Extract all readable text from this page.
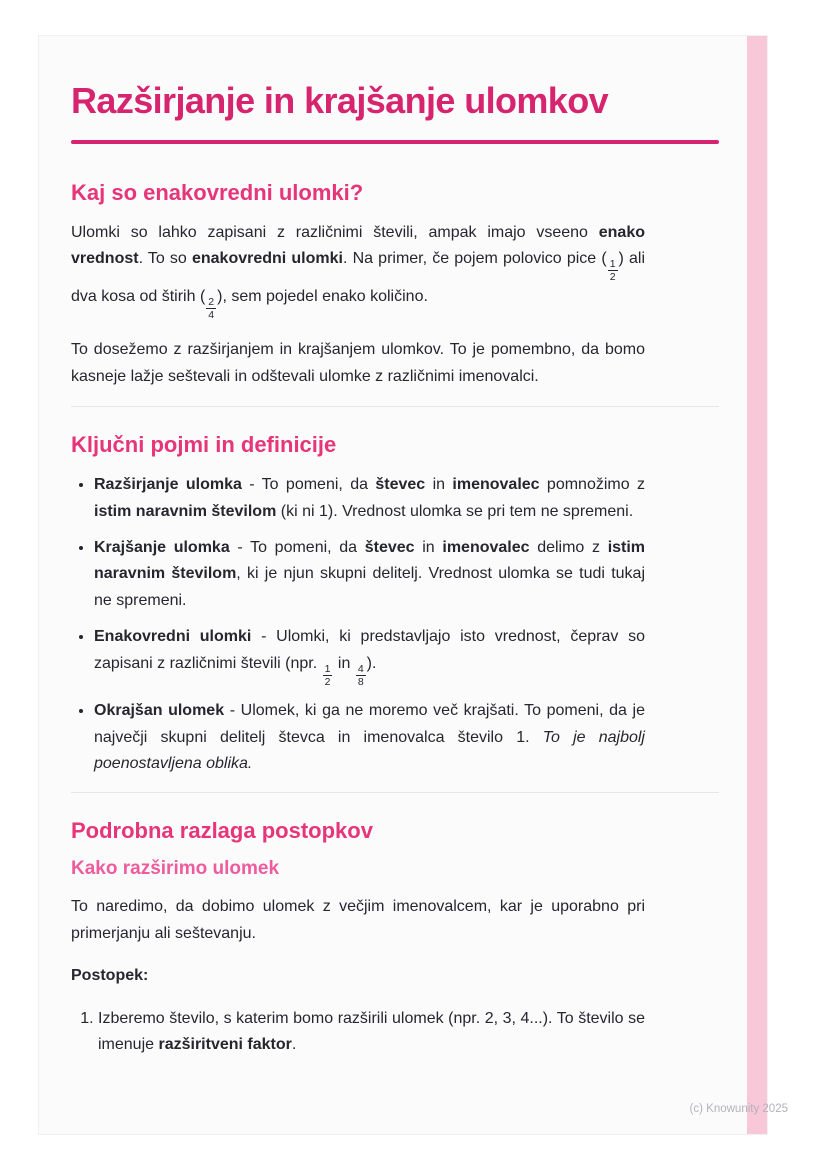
Razširjanje in krajšanje ulomkov
Kaj so enakovredni ulomki?

Ulomki so lahko zapisani z različnimi števili, ampak imajo vseeno enako vrednost. To so enakovredni ulomki. Na primer, če pojem polovico pice (
$\frac{1}{2}$
) ali dva kosa od štirih (
$\frac{2}{4}$
), sem pojedel enako količino.

To dosežemo z razširjanjem in krajšanjem ulomkov. To je pomembno, da bomo kasneje lažje seštevali in odštevali ulomke z različnimi imenovalci.

Ključni pojmi in definicije
• Razširjanje ulomka - To pomeni, da števec in imenovalec pomnožimo z istim naravnim številom (ki ni 1). Vrednost ulomka se pri tem ne spremeni.
• Krajšanje ulomka - To pomeni, da števec in imenovalec delimo z istim naravnim številom, ki je njun skupni delitelj. Vrednost ulomka se tudi tukaj ne spremeni.
• Enakovredni ulomki - Ulomki, ki predstavljajo isto vrednost, čeprav so zapisani z različnimi števili (npr.
$\frac{1}{2}$
in
$\frac{4}{8}$
).
• Okrajšan ulomek - Ulomek, ki ga ne moremo več krajšati. To pomeni, da je največji skupni delitelj števca in imenovalca število 1. To je najbolj poenostavljena oblika.
Podrobna razlaga postopkov
Kako razširimo ulomek

To naredimo, da dobimo ulomek z večjim imenovalcem, kar je uporabno pri primerjanju ali seštevanju.

Postopek:

1. Izberemo število, s katerim bomo razširili ulomek (npr. 2, 3, 4...). To število se imenuje razširitveni faktor.
(c) Knowunity 2025
